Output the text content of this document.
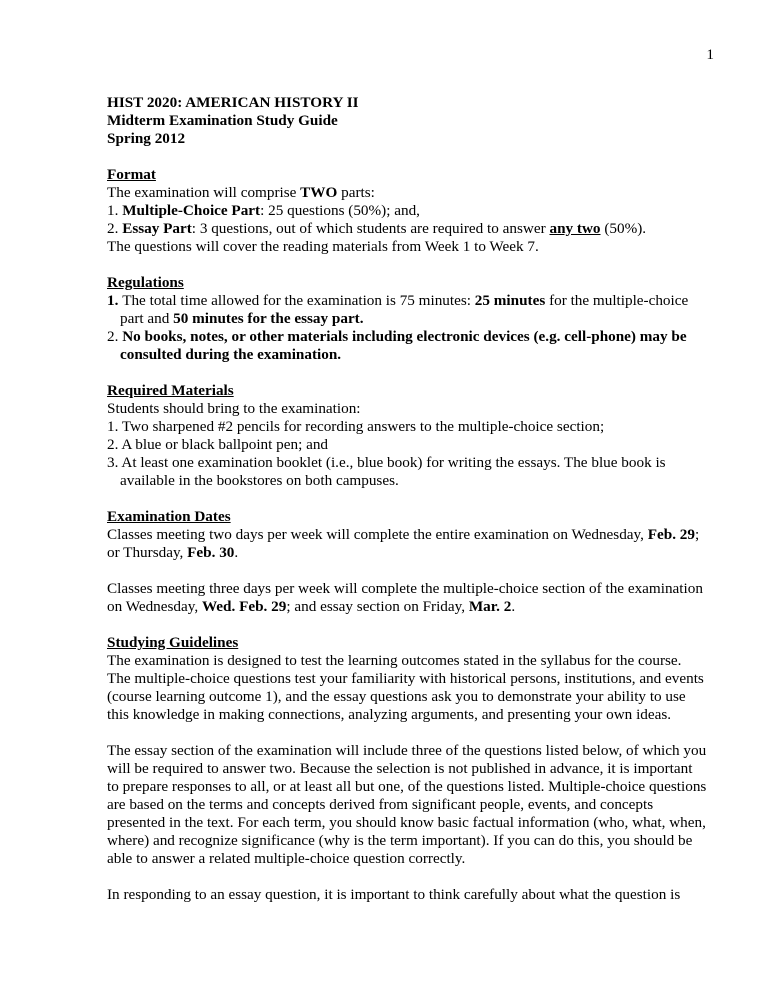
1

HIST 2020: AMERICAN HISTORY II

Midterm Examination Study Guide

Spring 2012

Format

The examination will comprise TWO parts:

1. Multiple-Choice Part: 25 questions (50%); and,

2. Essay Part: 3 questions, out of which students are required to answer any two (50%).

The questions will cover the reading materials from Week 1 to Week 7.

Regulations

1. The total time allowed for the examination is 75 minutes: 25 minutes for the multiple-choice part and 50 minutes for the essay part.

2. No books, notes, or other materials including electronic devices (e.g. cell-phone) may be consulted during the examination.

Required Materials

Students should bring to the examination:

1. Two sharpened #2 pencils for recording answers to the multiple-choice section;

2. A blue or black ballpoint pen; and

3. At least one examination booklet (i.e., blue book) for writing the essays. The blue book is available in the bookstores on both campuses.

Examination Dates

Classes meeting two days per week will complete the entire examination on Wednesday, Feb. 29; or Thursday, Feb. 30.

Classes meeting three days per week will complete the multiple-choice section of the examination on Wednesday, Wed. Feb. 29; and essay section on Friday, Mar. 2.

Studying Guidelines

The examination is designed to test the learning outcomes stated in the syllabus for the course. The multiple-choice questions test your familiarity with historical persons, institutions, and events (course learning outcome 1), and the essay questions ask you to demonstrate your ability to use this knowledge in making connections, analyzing arguments, and presenting your own ideas.

The essay section of the examination will include three of the questions listed below, of which you will be required to answer two. Because the selection is not published in advance, it is important to prepare responses to all, or at least all but one, of the questions listed. Multiple-choice questions are based on the terms and concepts derived from significant people, events, and concepts presented in the text. For each term, you should know basic factual information (who, what, when, where) and recognize significance (why is the term important). If you can do this, you should be able to answer a related multiple-choice question correctly.

In responding to an essay question, it is important to think carefully about what the question is
